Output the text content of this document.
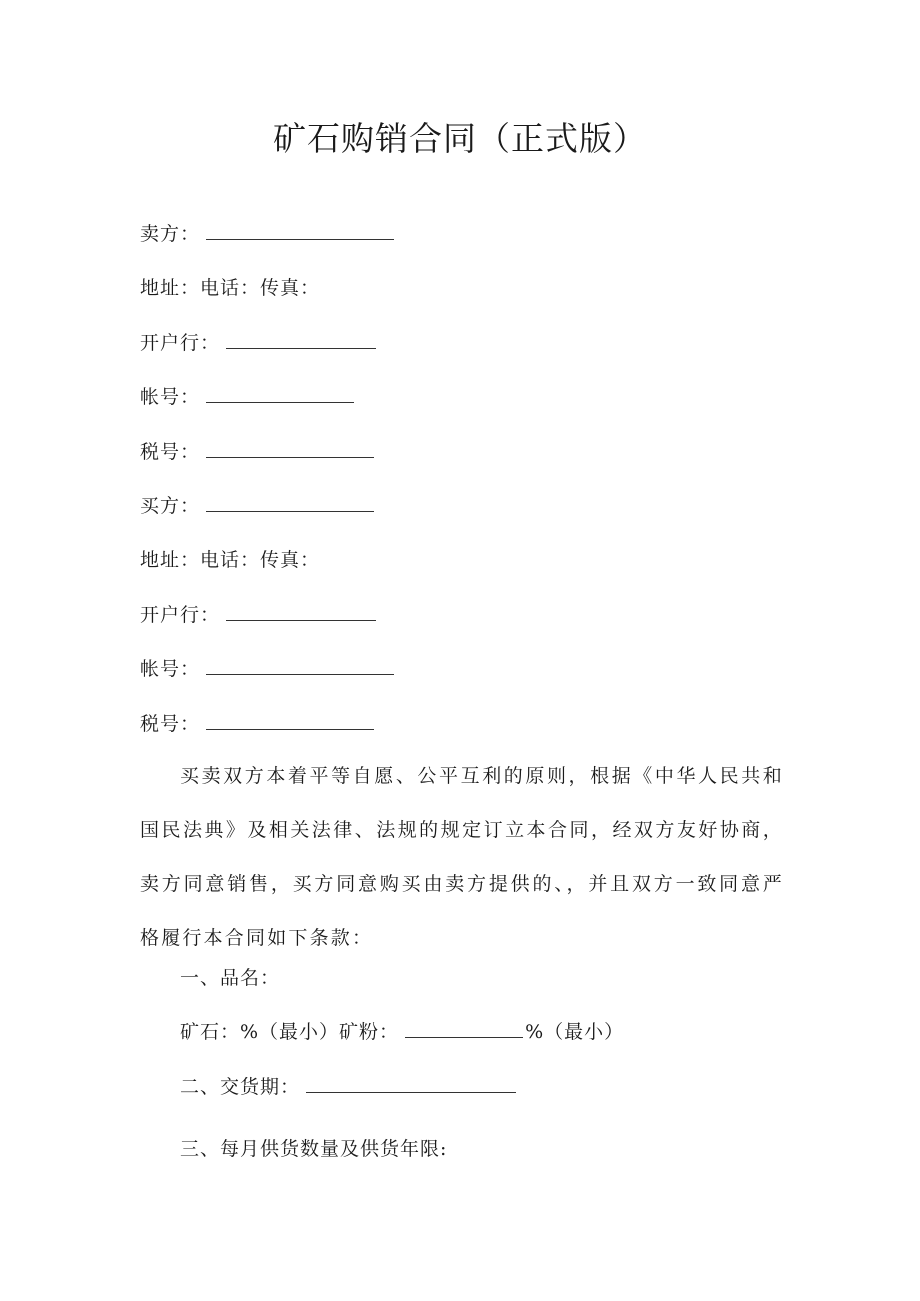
矿石购销合同（正式版）
卖方：
地址：电话：传真：
开户行：
帐号：
税号：
买方：
地址：电话：传真：
开户行：
帐号：
税号：
买卖双方本着平等自愿、公平互利的原则，根据《中华人民共和国民法典》及相关法律、法规的规定订立本合同，经双方友好协商，卖方同意销售，买方同意购买由卖方提供的、，并且双方一致同意严格履行本合同如下条款：
一、品名：
矿石：%（最小）矿粉：	%（最小）
二、交货期：
三、每月供货数量及供货年限:
